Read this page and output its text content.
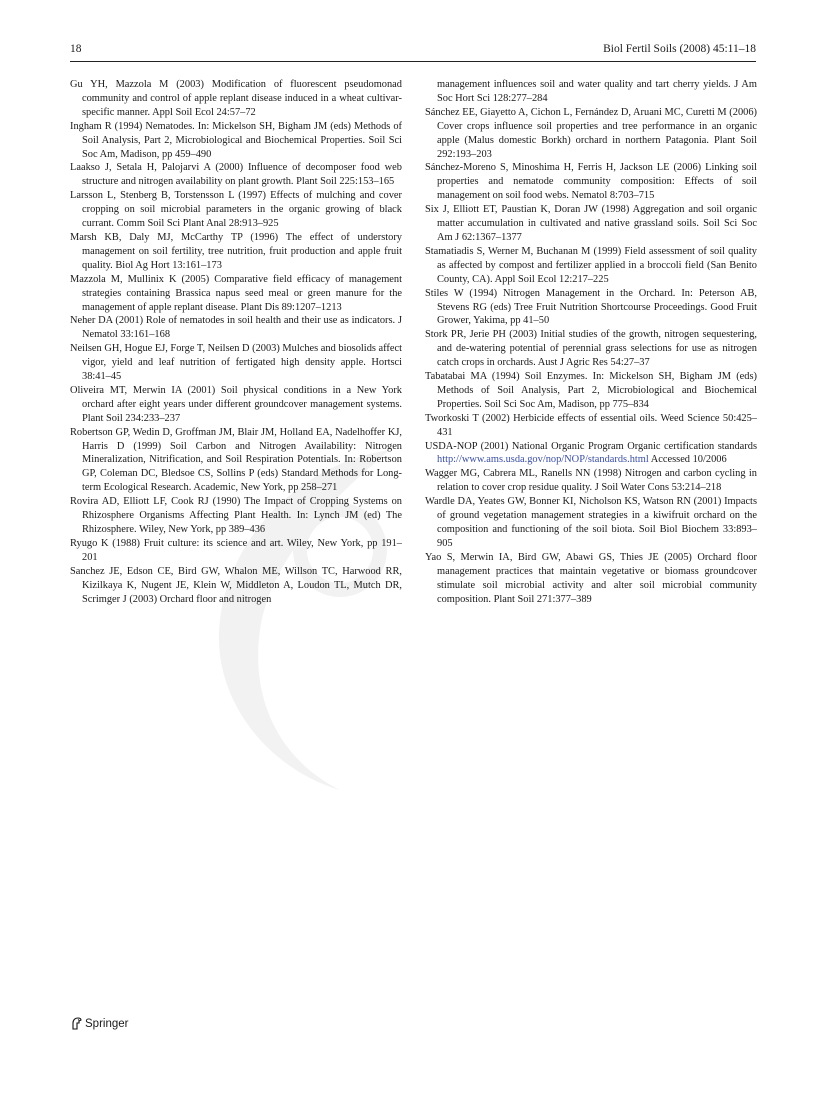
18	Biol Fertil Soils (2008) 45:11–18

Gu YH, Mazzola M (2003) Modification of fluorescent pseudomonad community and control of apple replant disease induced in a wheat cultivar-specific manner. Appl Soil Ecol 24:57–72

Ingham R (1994) Nematodes. In: Mickelson SH, Bigham JM (eds) Methods of Soil Analysis, Part 2, Microbiological and Biochemical Properties. Soil Sci Soc Am, Madison, pp 459–490

Laakso J, Setala H, Palojarvi A (2000) Influence of decomposer food web structure and nitrogen availability on plant growth. Plant Soil 225:153–165

Larsson L, Stenberg B, Torstensson L (1997) Effects of mulching and cover cropping on soil microbial parameters in the organic growing of black currant. Comm Soil Sci Plant Anal 28:913–925

Marsh KB, Daly MJ, McCarthy TP (1996) The effect of understory management on soil fertility, tree nutrition, fruit production and apple fruit quality. Biol Ag Hort 13:161–173

Mazzola M, Mullinix K (2005) Comparative field efficacy of management strategies containing Brassica napus seed meal or green manure for the management of apple replant disease. Plant Dis 89:1207–1213

Neher DA (2001) Role of nematodes in soil health and their use as indicators. J Nematol 33:161–168

Neilsen GH, Hogue EJ, Forge T, Neilsen D (2003) Mulches and biosolids affect vigor, yield and leaf nutrition of fertigated high density apple. Hortsci 38:41–45

Oliveira MT, Merwin IA (2001) Soil physical conditions in a New York orchard after eight years under different groundcover management systems. Plant Soil 234:233–237

Robertson GP, Wedin D, Groffman JM, Blair JM, Holland EA, Nadelhoffer KJ, Harris D (1999) Soil Carbon and Nitrogen Availability: Nitrogen Mineralization, Nitrification, and Soil Respiration Potentials. In: Robertson GP, Coleman DC, Bledsoe CS, Sollins P (eds) Standard Methods for Long-term Ecological Research. Academic, New York, pp 258–271

Rovira AD, Elliott LF, Cook RJ (1990) The Impact of Cropping Systems on Rhizosphere Organisms Affecting Plant Health. In: Lynch JM (ed) The Rhizosphere. Wiley, New York, pp 389–436

Ryugo K (1988) Fruit culture: its science and art. Wiley, New York, pp 191–201

Sanchez JE, Edson CE, Bird GW, Whalon ME, Willson TC, Harwood RR, Kizilkaya K, Nugent JE, Klein W, Middleton A, Loudon TL, Mutch DR, Scrimger J (2003) Orchard floor and nitrogen

management influences soil and water quality and tart cherry yields. J Am Soc Hort Sci 128:277–284

Sánchez EE, Giayetto A, Cichon L, Fernández D, Aruani MC, Curetti M (2006) Cover crops influence soil properties and tree performance in an organic apple (Malus domestic Borkh) orchard in northern Patagonia. Plant Soil 292:193–203

Sánchez-Moreno S, Minoshima H, Ferris H, Jackson LE (2006) Linking soil properties and nematode community composition: Effects of soil management on soil food webs. Nematol 8:703–715

Six J, Elliott ET, Paustian K, Doran JW (1998) Aggregation and soil organic matter accumulation in cultivated and native grassland soils. Soil Sci Soc Am J 62:1367–1377

Stamatiadis S, Werner M, Buchanan M (1999) Field assessment of soil quality as affected by compost and fertilizer applied in a broccoli field (San Benito County, CA). Appl Soil Ecol 12:217–225

Stiles W (1994) Nitrogen Management in the Orchard. In: Peterson AB, Stevens RG (eds) Tree Fruit Nutrition Shortcourse Proceedings. Good Fruit Grower, Yakima, pp 41–50

Stork PR, Jerie PH (2003) Initial studies of the growth, nitrogen sequestering, and de-watering potential of perennial grass selections for use as nitrogen catch crops in orchards. Aust J Agric Res 54:27–37

Tabatabai MA (1994) Soil Enzymes. In: Mickelson SH, Bigham JM (eds) Methods of Soil Analysis, Part 2, Microbiological and Biochemical Properties. Soil Sci Soc Am, Madison, pp 775–834

Tworkoski T (2002) Herbicide effects of essential oils. Weed Science 50:425–431

USDA-NOP (2001) National Organic Program Organic certification standards http://www.ams.usda.gov/nop/NOP/standards.html Accessed 10/2006

Wagger MG, Cabrera ML, Ranells NN (1998) Nitrogen and carbon cycling in relation to cover crop residue quality. J Soil Water Cons 53:214–218

Wardle DA, Yeates GW, Bonner KI, Nicholson KS, Watson RN (2001) Impacts of ground vegetation management strategies in a kiwifruit orchard on the composition and functioning of the soil biota. Soil Biol Biochem 33:893–905

Yao S, Merwin IA, Bird GW, Abawi GS, Thies JE (2005) Orchard floor management practices that maintain vegetative or biomass groundcover stimulate soil microbial activity and alter soil microbial community composition. Plant Soil 271:377–389

Springer
